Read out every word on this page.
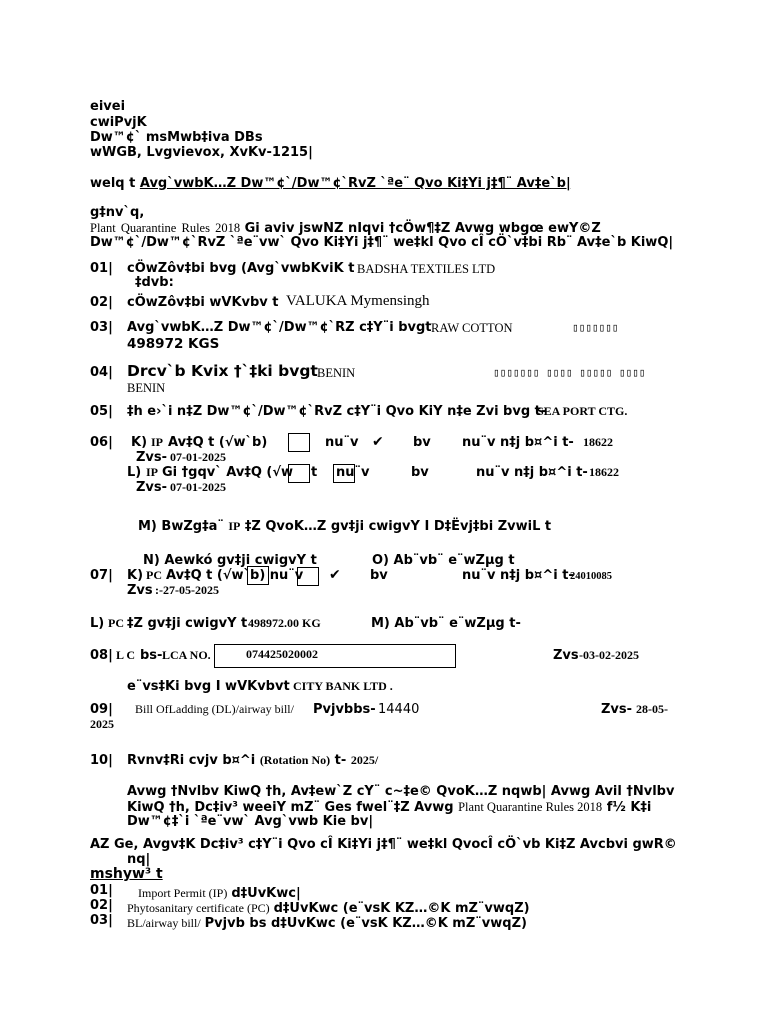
eivei
cwiPvjK
Dw™¢` msMwb‡iva DBs
wWGB, Lvgvievox, XvKv-1215|
welq t Avg`vwbK…Z Dw™¢`/Dw™¢`RvZ `ªe¨ Qvo Ki‡Yi j‡¶¨ Av‡e`b|
g‡nv`q,
Plant Quarantine Rules 2018 Gi aviv jswNZ nIqvi †cÖw¶‡Z Avwg wbgœ ewY©Z
Dw™¢`/Dw™¢`RvZ `ªe¨vw` Qvo Ki‡Yi j‡¶¨ we‡kl Qvo cÎ cÖ`v‡bi Rb¨ Av‡e`b KiwQ|
01| cÖwZôv‡bi bvg (Avg`vwbKviK t BADSHA TEXTILES LTD
‡dvb:
02| cÖwZôv‡bi wVKvbv t VALUKA Mymensingh
03| Avg`vwbK…Z Dw™¢`/Dw™¢`RZ c‡Y¨i bvgt RAW COTTON	▯▯▯▯▯▯▯
498972 KGS
04| Drcv`b Kvix †`‡ki bvgt BENIN	▯▯▯▯▯▯▯ ▯▯▯▯ ▯▯▯▯▯ ▯▯▯▯
BENIN
05| ‡h e›`i n‡Z Dw™¢`/Dw™¢`RvZ c‡Y¨i Qvo KiY n‡e Zvi bvg t-
SEA PORT CTG.
06| K) IP Av‡Q t (√w`b)	nu¨v ✔ bv nu¨v n‡j b¤^i t- 18622
Zvs- 07-01-2025
L) IP Gi †gqv` Av‡Q (√w t nu¨v	bv	nu¨v n‡j b¤^i t- 18622
Zvs- 07-01-2025
M) BwZg‡a¨ IP ‡Z QvoK…Z gv‡ji cwigvY I D‡Ëvj‡bi ZvwiL t
N) Aewkó gv‡ji cwigvY t	O) Ab¨vb¨ e¨wZµg t
07| K) PC Av‡Q t (√w`b) nu¨v ✔ bv	nu¨v n‡j b¤^i t-
24010085
Zvs :-27-05-2025
L) PC ‡Z gv‡ji cwigvY t 498972.00 KG	M) Ab¨vb¨ e¨wZµg t-
08| L C bs- LCA NO.	074425020002	Zvs -03-02-2025
e¨vs‡Ki bvg I wVKvbvt CITY BANK LTD .
09| Bill OfLadding (DL)/airway bill/ Pvjvbbs- 14440	Zvs- 28-05-
2025
10| Rvnv‡Ri cvjv b¤^i (Rotation No) t- 2025/
Avwg †Nvlbv KiwQ †h, Av‡ew`Z cY¨ c~‡e© QvoK…Z nqwb| Avwg Avil †Nvlbv
KiwQ †h, Dc‡iv³ weeiY mZ¨ Ges fwel¨‡Z Avwg Plant Quarantine Rules 2018 f½ K‡i
Dw™¢‡`i `ªe¨vw` Avg`vwb Kie bv|
AZ Ge, Avgv‡K Dc‡iv³ c‡Y¨i Qvo cÎ Ki‡Yi j‡¶¨ we‡kl QvocÎ cÖ`vb Ki‡Z Avcbvi gwR©
nq|
mshyw³ t
01| Import Permit (IP) d‡UvKwc|
02| Phytosanitary certificate (PC) d‡UvKwc (e¨vsK KZ…©K mZ¨vwqZ)
03| BL/airway bill/ Pvjvb bs d‡UvKwc (e¨vsK KZ…©K mZ¨vwqZ)
